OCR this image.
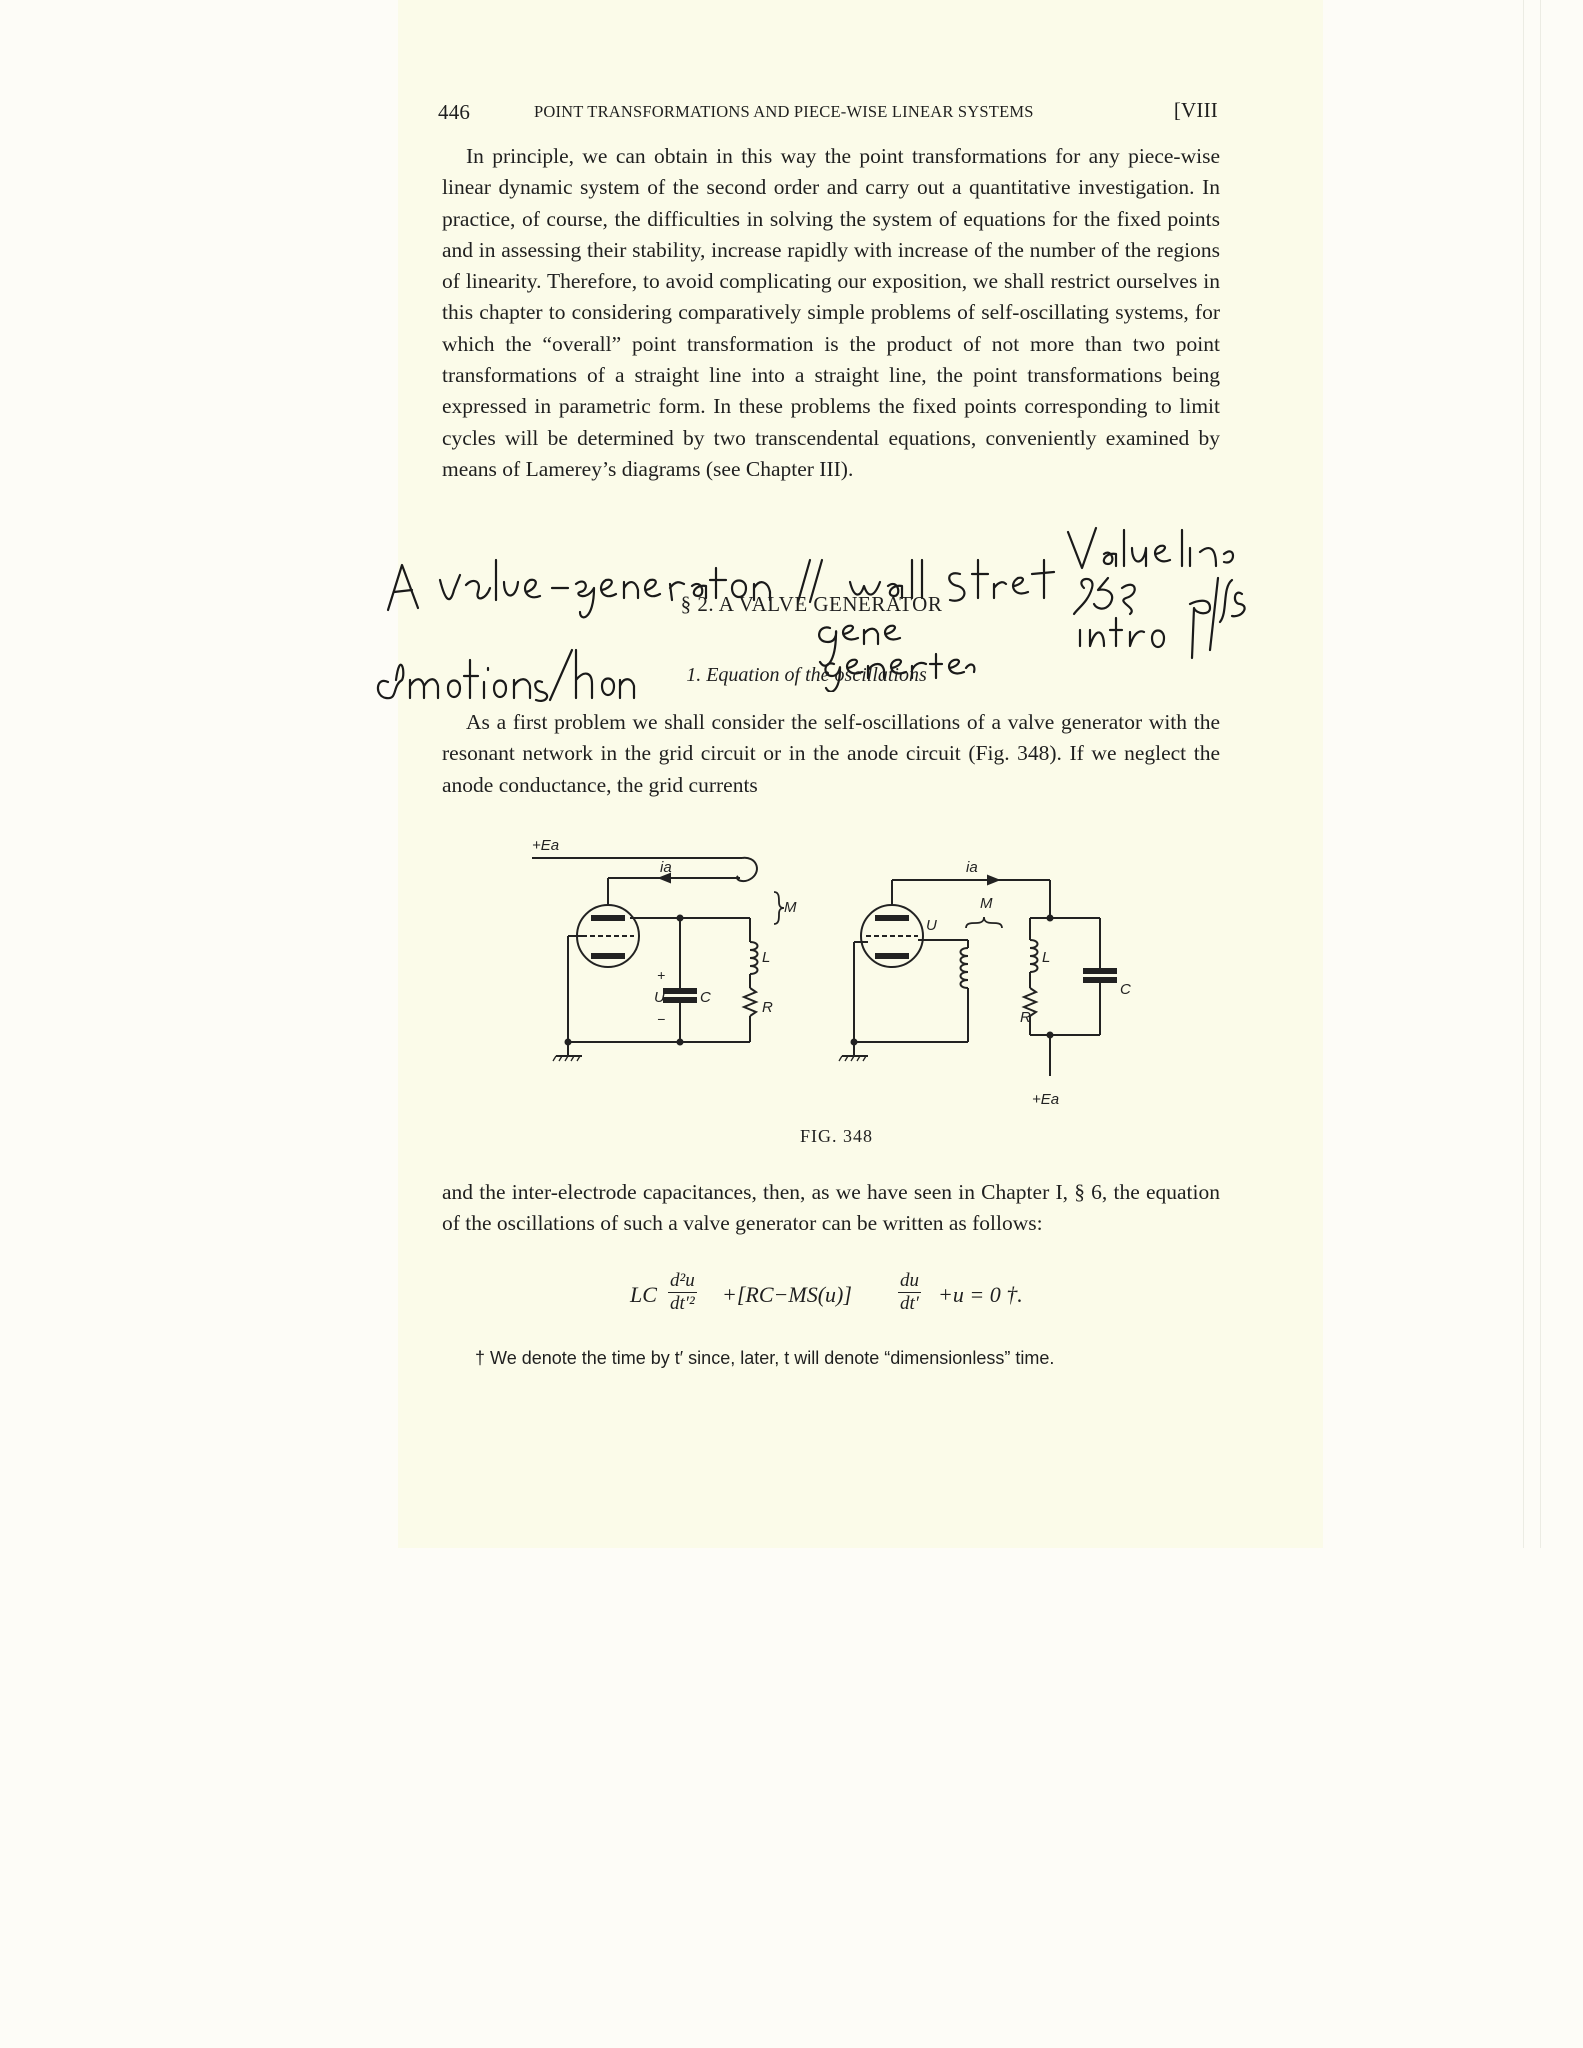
446	POINT TRANSFORMATIONS AND PIECE-WISE LINEAR SYSTEMS	[VIII

In principle, we can obtain in this way the point transformations for any piece-wise linear dynamic system of the second order and carry out a quantitative investigation. In practice, of course, the difficulties in solving the system of equations for the fixed points and in assessing their stability, increase rapidly with increase of the number of the regions of linearity. Therefore, to avoid complicating our exposition, we shall restrict ourselves in this chapter to considering comparatively simple problems of self-oscillating systems, for which the “overall” point transformation is the product of not more than two point transformations of a straight line into a straight line, the point transformations being expressed in parametric form. In these problems the fixed points corresponding to limit cycles will be determined by two transcendental equations, conveniently examined by means of Lamerey’s diagrams (see Chapter III).

§ 2. A VALVE GENERATOR
1. Equation of the oscillations

As a first problem we shall consider the self-oscillations of a valve generator with the resonant network in the grid circuit or in the anode circuit (Fig. 348). If we neglect the anode conductance, the grid currents

+Ea
ia
M
L
C
R
U
+
−
ia
M
U
L
R
C
+Ea
FIG. 348

and the inter-electrode capacitances, then, as we have seen in Chapter I, § 6, the equation of the oscillations of such a valve generator can be written as follows:

LC $\frac{\text{d²u}}{\text{dt′²}} +[RC-MS(u)] \frac{du}{dt'} +u = 0$ †.
† We denote the time by t′ since, later, t will denote “dimensionless” time.
